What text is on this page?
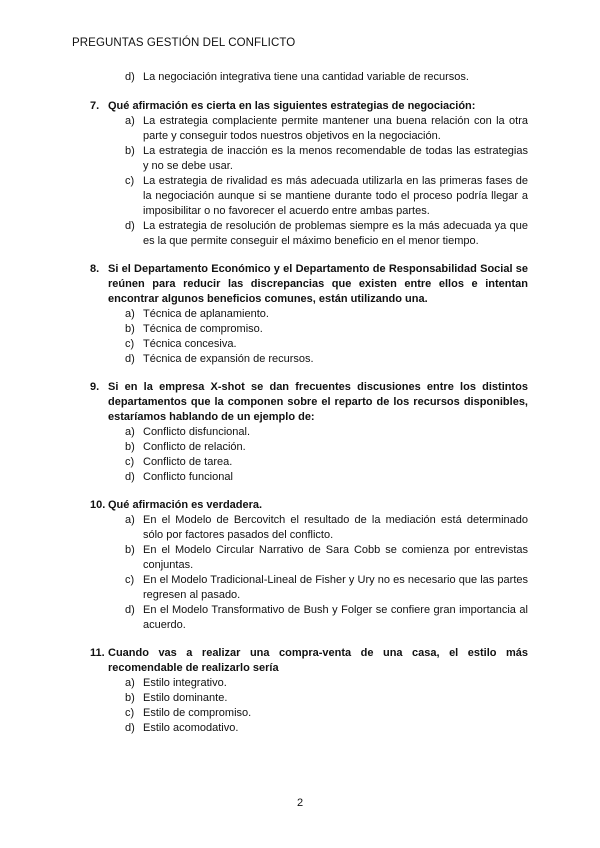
PREGUNTAS GESTIÓN DEL CONFLICTO
d) La negociación integrativa tiene una cantidad variable de recursos.
7. Qué afirmación es cierta en las siguientes estrategias de negociación:
a) La estrategia complaciente permite mantener una buena relación con la otra parte y conseguir todos nuestros objetivos en la negociación.
b) La estrategia de inacción es la menos recomendable de todas las estrategias y no se debe usar.
c) La estrategia de rivalidad es más adecuada utilizarla en las primeras fases de la negociación aunque si se mantiene durante todo el proceso podría llegar a imposibilitar o no favorecer el acuerdo entre ambas partes.
d) La estrategia de resolución de problemas siempre es la más adecuada ya que es la que permite conseguir el máximo beneficio en el menor tiempo.
8. Si el Departamento Económico y el Departamento de Responsabilidad Social se reúnen para reducir las discrepancias que existen entre ellos e intentan encontrar algunos beneficios comunes, están utilizando una.
a) Técnica de aplanamiento.
b) Técnica de compromiso.
c) Técnica concesiva.
d) Técnica de expansión de recursos.
9. Si en la empresa X-shot se dan frecuentes discusiones entre los distintos departamentos que la componen sobre el reparto de los recursos disponibles, estaríamos hablando de un ejemplo de:
a) Conflicto disfuncional.
b) Conflicto de relación.
c) Conflicto de tarea.
d) Conflicto funcional
10. Qué afirmación es verdadera.
a) En el Modelo de Bercovitch el resultado de la mediación está determinado sólo por factores pasados del conflicto.
b) En el Modelo Circular Narrativo de Sara Cobb se comienza por entrevistas conjuntas.
c) En el Modelo Tradicional-Lineal de Fisher y Ury no es necesario que las partes regresen al pasado.
d) En el Modelo Transformativo de Bush y Folger se confiere gran importancia al acuerdo.
11. Cuando vas a realizar una compra-venta de una casa, el estilo más recomendable de realizarlo sería
a) Estilo integrativo.
b) Estilo dominante.
c) Estilo de compromiso.
d) Estilo acomodativo.
2
